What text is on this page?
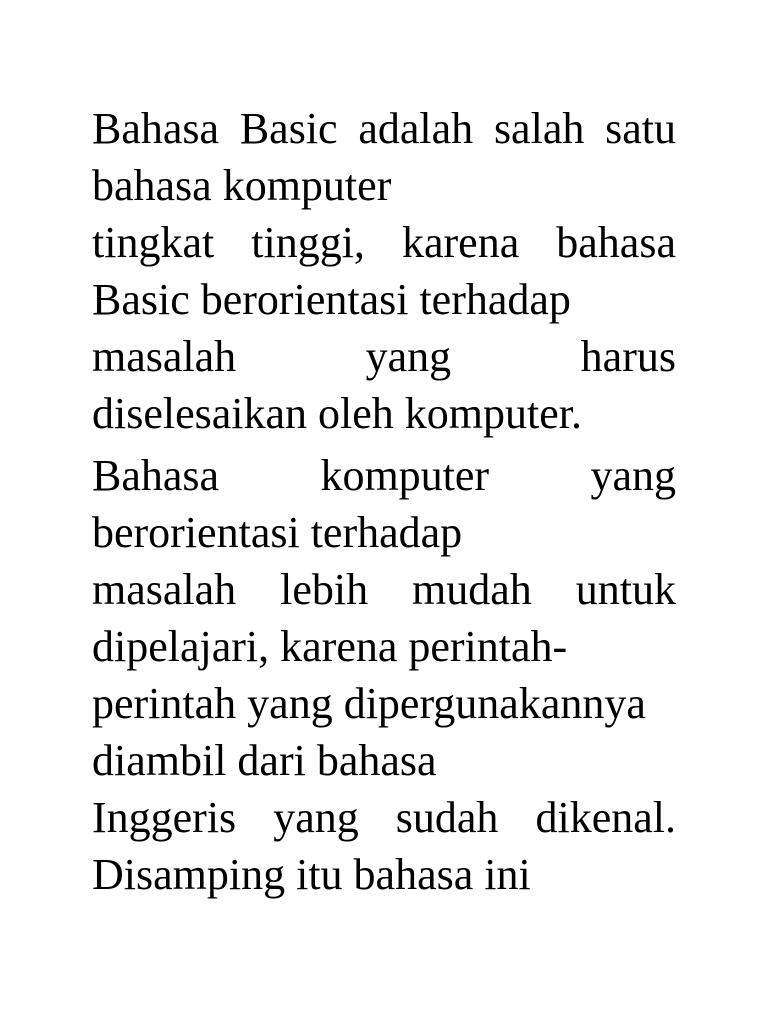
Bahasa Basic adalah salah satu
bahasa komputer
tingkat tinggi, karena bahasa
Basic berorientasi terhadap
masalah	yang	harus
diselesaikan oleh komputer.
Bahasa komputer yang
berorientasi terhadap
masalah lebih mudah untuk
dipelajari, karena perintah-
perintah yang dipergunakannya
diambil dari bahasa
Inggeris yang sudah dikenal.
Disamping itu bahasa ini
